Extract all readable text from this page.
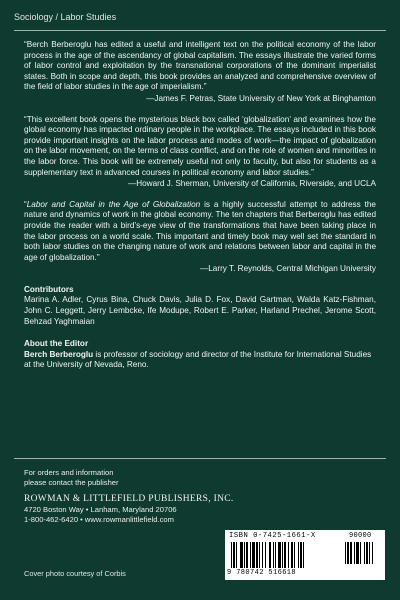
Sociology / Labor Studies

“Berch Berberoglu has edited a useful and intelligent text on the political economy of the labor process in the age of the ascendancy of global capitalism. The essays illustrate the varied forms of labor control and exploitation by the transnational corporations of the dominant imperialist states. Both in scope and depth, this book provides an analyzed and comprehensive overview of the field of labor studies in the age of imperialism.”

—James F. Petras, State University of New York at Binghamton

“This excellent book opens the mysterious black box called ‘globalization’ and examines how the global economy has impacted ordinary people in the workplace. The essays included in this book provide important insights on the labor process and modes of work—the impact of globalization on the labor movement, on the terms of class conflict, and on the role of women and minorities in the labor force. This book will be extremely useful not only to faculty, but also for students as a supplementary text in advanced courses in political economy and labor studies.”

—Howard J. Sherman, University of California, Riverside, and UCLA

“Labor and Capital in the Age of Globalization is a highly successful attempt to address the nature and dynamics of work in the global economy. The ten chapters that Berberoglu has edited provide the reader with a bird’s-eye view of the transformations that have been taking place in the labor process on a world scale. This important and timely book may well set the standard in both labor studies on the changing nature of work and relations between labor and capital in the age of globalization.”

—Larry T. Reynolds, Central Michigan University

Contributors

Marina A. Adler, Cyrus Bina, Chuck Davis, Julia D. Fox, David Gartman, Walda Katz-Fishman, John C. Leggett, Jerry Lembcke, Ife Modupe, Robert E. Parker, Harland Prechel, Jerome Scott, Behzad Yaghmaian

About the Editor

Berch Berberoglu is professor of sociology and director of the Institute for International Studies at the University of Nevada, Reno.

For orders and information

please contact the publisher

ROWMAN & LITTLEFIELD PUBLISHERS, INC.

4720 Boston Way • Lanham, Maryland 20706

1-800-462-6420 • www.rowmanlittlefield.com

Cover photo courtesy of Corbis
ISBN 0-7425-1661-X	90000
9 780742 516618
